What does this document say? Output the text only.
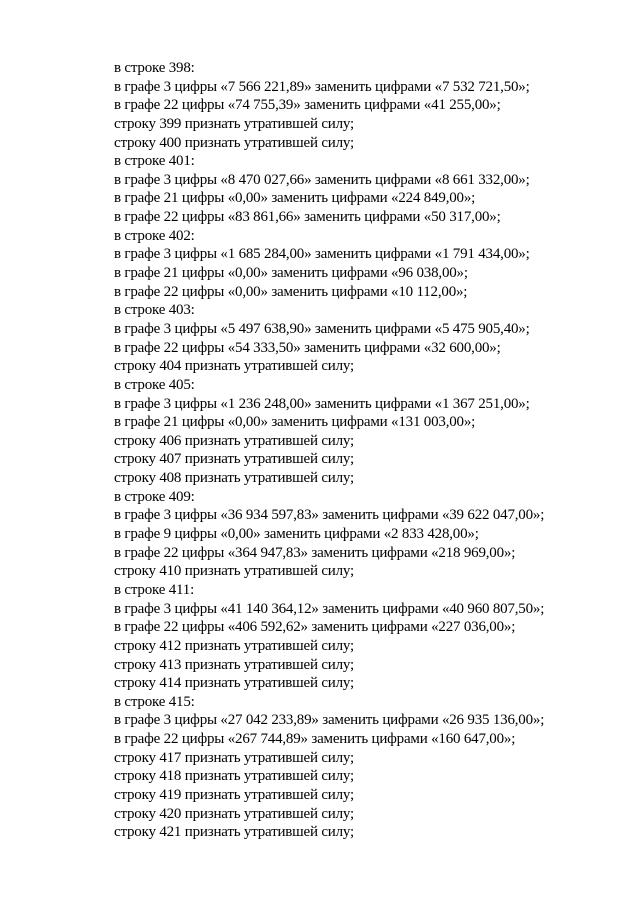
в строке 398:
в графе 3 цифры «7 566 221,89» заменить цифрами «7 532 721,50»;
в графе 22 цифры «74 755,39» заменить цифрами «41 255,00»;
строку 399 признать утратившей силу;
строку 400 признать утратившей силу;
в строке 401:
в графе 3 цифры «8 470 027,66» заменить цифрами «8 661 332,00»;
в графе 21 цифры «0,00» заменить цифрами «224 849,00»;
в графе 22 цифры «83 861,66» заменить цифрами «50 317,00»;
в строке 402:
в графе 3 цифры «1 685 284,00» заменить цифрами «1 791 434,00»;
в графе 21 цифры «0,00» заменить цифрами «96 038,00»;
в графе 22 цифры «0,00» заменить цифрами «10 112,00»;
в строке 403:
в графе 3 цифры «5 497 638,90» заменить цифрами «5 475 905,40»;
в графе 22 цифры «54 333,50» заменить цифрами «32 600,00»;
строку 404 признать утратившей силу;
в строке 405:
в графе 3 цифры «1 236 248,00» заменить цифрами «1 367 251,00»;
в графе 21 цифры «0,00» заменить цифрами «131 003,00»;
строку 406 признать утратившей силу;
строку 407 признать утратившей силу;
строку 408 признать утратившей силу;
в строке 409:
в графе 3 цифры «36 934 597,83» заменить цифрами «39 622 047,00»;
в графе 9 цифры «0,00» заменить цифрами «2 833 428,00»;
в графе 22 цифры «364 947,83» заменить цифрами «218 969,00»;
строку 410 признать утратившей силу;
в строке 411:
в графе 3 цифры «41 140 364,12» заменить цифрами «40 960 807,50»;
в графе 22 цифры «406 592,62» заменить цифрами «227 036,00»;
строку 412 признать утратившей силу;
строку 413 признать утратившей силу;
строку 414 признать утратившей силу;
в строке 415:
в графе 3 цифры «27 042 233,89» заменить цифрами «26 935 136,00»;
в графе 22 цифры «267 744,89» заменить цифрами «160 647,00»;
строку 417 признать утратившей силу;
строку 418 признать утратившей силу;
строку 419 признать утратившей силу;
строку 420 признать утратившей силу;
строку 421 признать утратившей силу;
